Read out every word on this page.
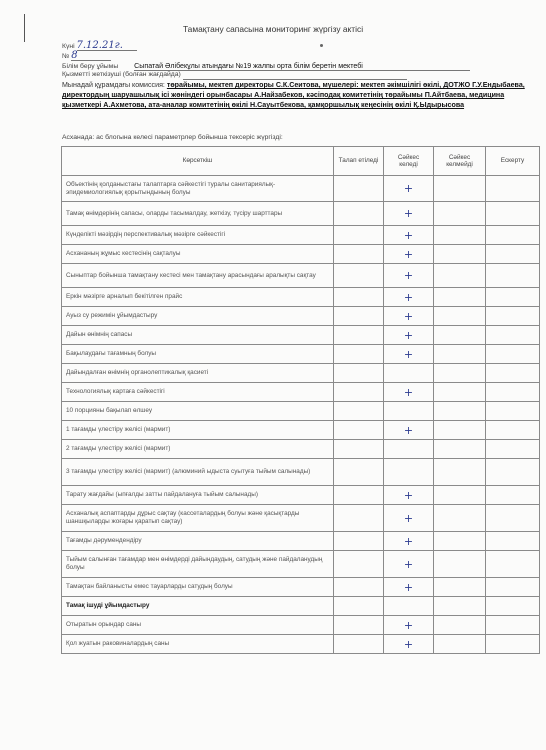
Тамақтану сапасына мониторинг жүргізу актісі
Күні 7.12.21г.
№ 8
Білім беру ұйымы Сыпатай Әлібекұлы атындағы №19 жалпы орта білім беретін мектебі
Қызметті жеткізуші (болған жағдайда)
Мынадай құрамдағы комиссия: төрайымы, мектеп директоры С.К.Сеитова, мүшелері: мектеп әкімшілігі өкілі, ДОТЖО Г.У.Ендыбаева, директордың шаруашылық ісі жөніндегі орынбасары А.Найзабеков, кәсіподақ комитетінің төрайымы П.Айтбаева, медицина қызметкері А.Ахметова, ата-аналар комитетінің өкілі Н.Сауытбекова, қамқоршылық кеңесінің өкілі Қ.Ыдырысова
Асханада: ас блогына келесі параметрлер бойынша тексеріс жүргізді:
Көрсеткіш	Талап етіледі	Сәйкес келеді	Сәйкес келмейді	Ескерту
Объектінің қолданыстағы талаптарға сәйкестігі туралы санитариялық-эпидемиологиялық қорытындының болуы		+		
Тамақ өнімдерінің сапасы, оларды тасымалдау, жеткізу, түсіру шарттары		+		
Күнделікті мәзірдің перспективалық мәзірге сәйкестігі		+		
Асхананың жұмыс кестесінің сақталуы		+		
Сыныптар бойынша тамақтану кестесі мен тамақтану арасындағы аралықты сақтау		+		
Еркін мәзірге арналып бекітілген прайс		+		
Ауыз су режимін ұйымдастыру		+		
Дайын өнімнің сапасы		+		
Бақылаудағы тағамның болуы		+		
Дайындалған өнімнің органолептикалық қасиеті				
Технологиялық картаға сәйкестігі		+		
10 порцияны бақылап өлшеу				
1 тағамды үлестіру желісі (мармит)		+		
2 тағамды үлестіру желісі (мармит)				
3 тағамды үлестіру желісі (мармит) (алюминий ыдыста суытуға тыйым салынады)				
Тарату жағдайы (ыпғалды затты пайдалануға тыйым салынады)		+		
Асханалық аспаптарды дұрыс сақтау (кассеталардың болуы және қасықтарды шаншқыларды жоғары қаратып сақтау)		+		
Тағамды дәрумендендіру		+		
Тыйым салынған тағамдар мен өнімдерді дайындаудың, сатудың және пайдаланудың болуы		+		
Тамақтан байланысты емес тауарларды сатудың болуы		+		
Тамақ ішуді ұйымдастыру				
Отыратын орындар саны		+		
Қол жуатын раковиналардың саны		+		
